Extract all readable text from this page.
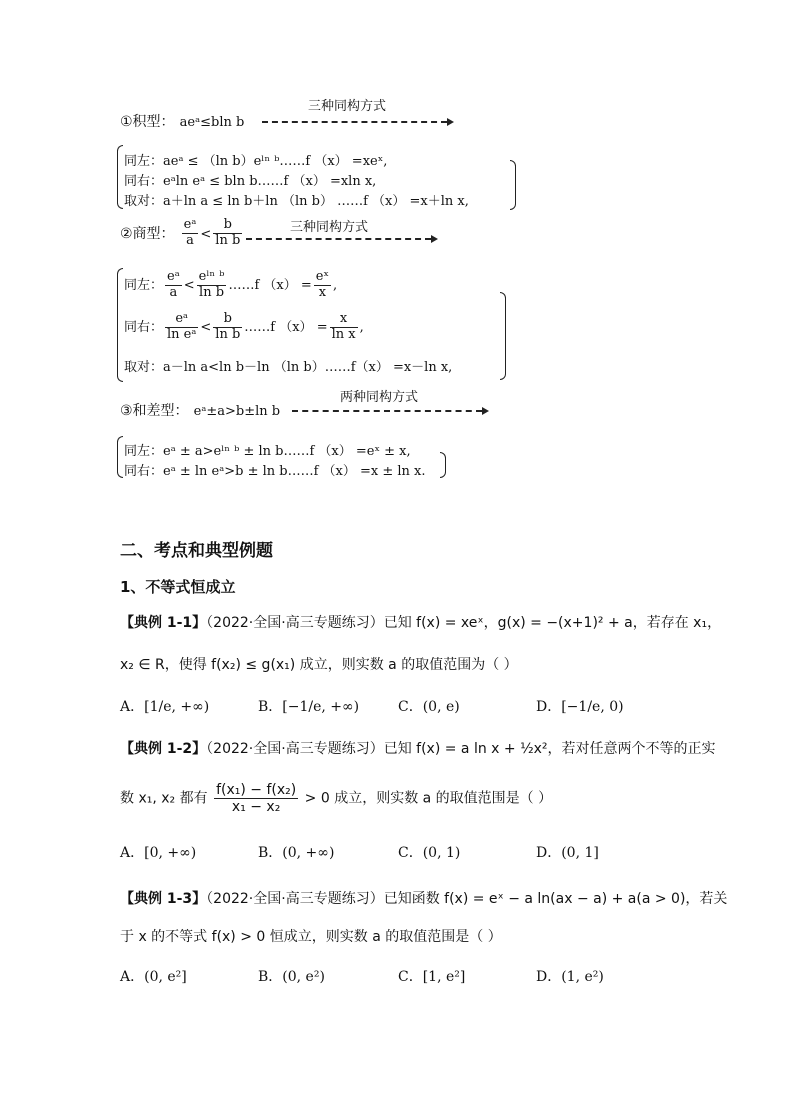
三种同构方式
①积型： aeᵃ≤bln b
同左：aeᵃ ≤ （ln b）eˡⁿ ᵇ……f （x） =xeˣ,
同右：eᵃln eᵃ ≤ bln b……f （x） =xln x,
取对：a＋ln a ≤ ln b＋ln （ln b） ……f （x） =x＋ln x,
三种同构方式
②商型： $\frac{\text{eᵃ}}{a} < \frac{b}{\text{ln b}}$
同左： $\frac{\text{eᵃ}}{a} < \frac{\text{eˡⁿ ᵇ}}{\text{ln b}}$ ……f $(x) = \frac{\text{eˣ}}{x}$ ,
同右： $\frac{\text{eᵃ}}{\text{ln eᵃ}} < \frac{b}{\text{ln b}}$ ……f $(x) = \frac{x}{\text{ln x}}$ ,
取对：a－ln a<ln b－ln （ln b）……f（x） =x－ln x,
两种同构方式
③和差型： eᵃ±a>b±ln b
同左：eᵃ ± a>eˡⁿ ᵇ ± ln b……f （x） =eˣ ± x,
同右：eᵃ ± ln eᵃ>b ± ln b……f （x） =x ± ln x.
二、考点和典型例题
1、不等式恒成立
【典例 1-1】（2022·全国·高三专题练习）已知 f(x) = xeˣ，g(x) = −(x+1)² + a，若存在 x₁，
x₂ ∈ R，使得 f(x₂) ≤ g(x₁) 成立，则实数 a 的取值范围为（ ）
A．[1/e, +∞)	B．[−1/e, +∞)	C．(0, e)	D．[−1/e, 0)
【典例 1-2】（2022·全国·高三专题练习）已知 f(x) = a ln x + ½x²，若对任意两个不等的正实
数 x₁, x₂ 都有 $\frac{\text{f(x₁) − f(x₂)}}{\text{x₁ − x₂}} > 0$ 成立，则实数 a 的取值范围是（ ）
A．[0, +∞)	B．(0, +∞)	C．(0, 1)	D．(0, 1]
【典例 1-3】（2022·全国·高三专题练习）已知函数 f(x) = eˣ − a ln(ax − a) + a(a > 0)，若关
于 x 的不等式 f(x) > 0 恒成立，则实数 a 的取值范围是（ ）
A．(0, e²]	B．(0, e²)	C．[1, e²]	D．(1, e²)
